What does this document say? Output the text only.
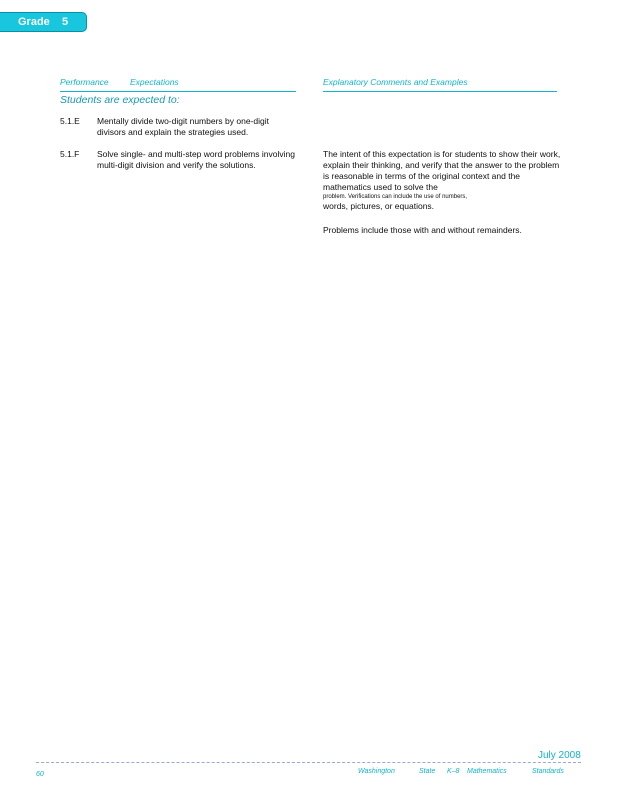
Grade 5
Performance	Expectations	Explanatory Comments and Examples
Students are expected to:
5.1.E Mentally divide two-digit numbers by one-digit divisors and explain the strategies used.
5.1.F Solve single- and multi-step word problems involving multi-digit division and verify the solutions.
The intent of this expectation is for students to show their work, explain their thinking, and verify that the answer to the problem is reasonable in terms of the original context and the mathematics used to solve the
problem. Verifications can include the use of numbers,
words, pictures, or equations.
Problems include those with and without remainders.
July 2008
60	Washington	State K–8 Mathematics	Standards
